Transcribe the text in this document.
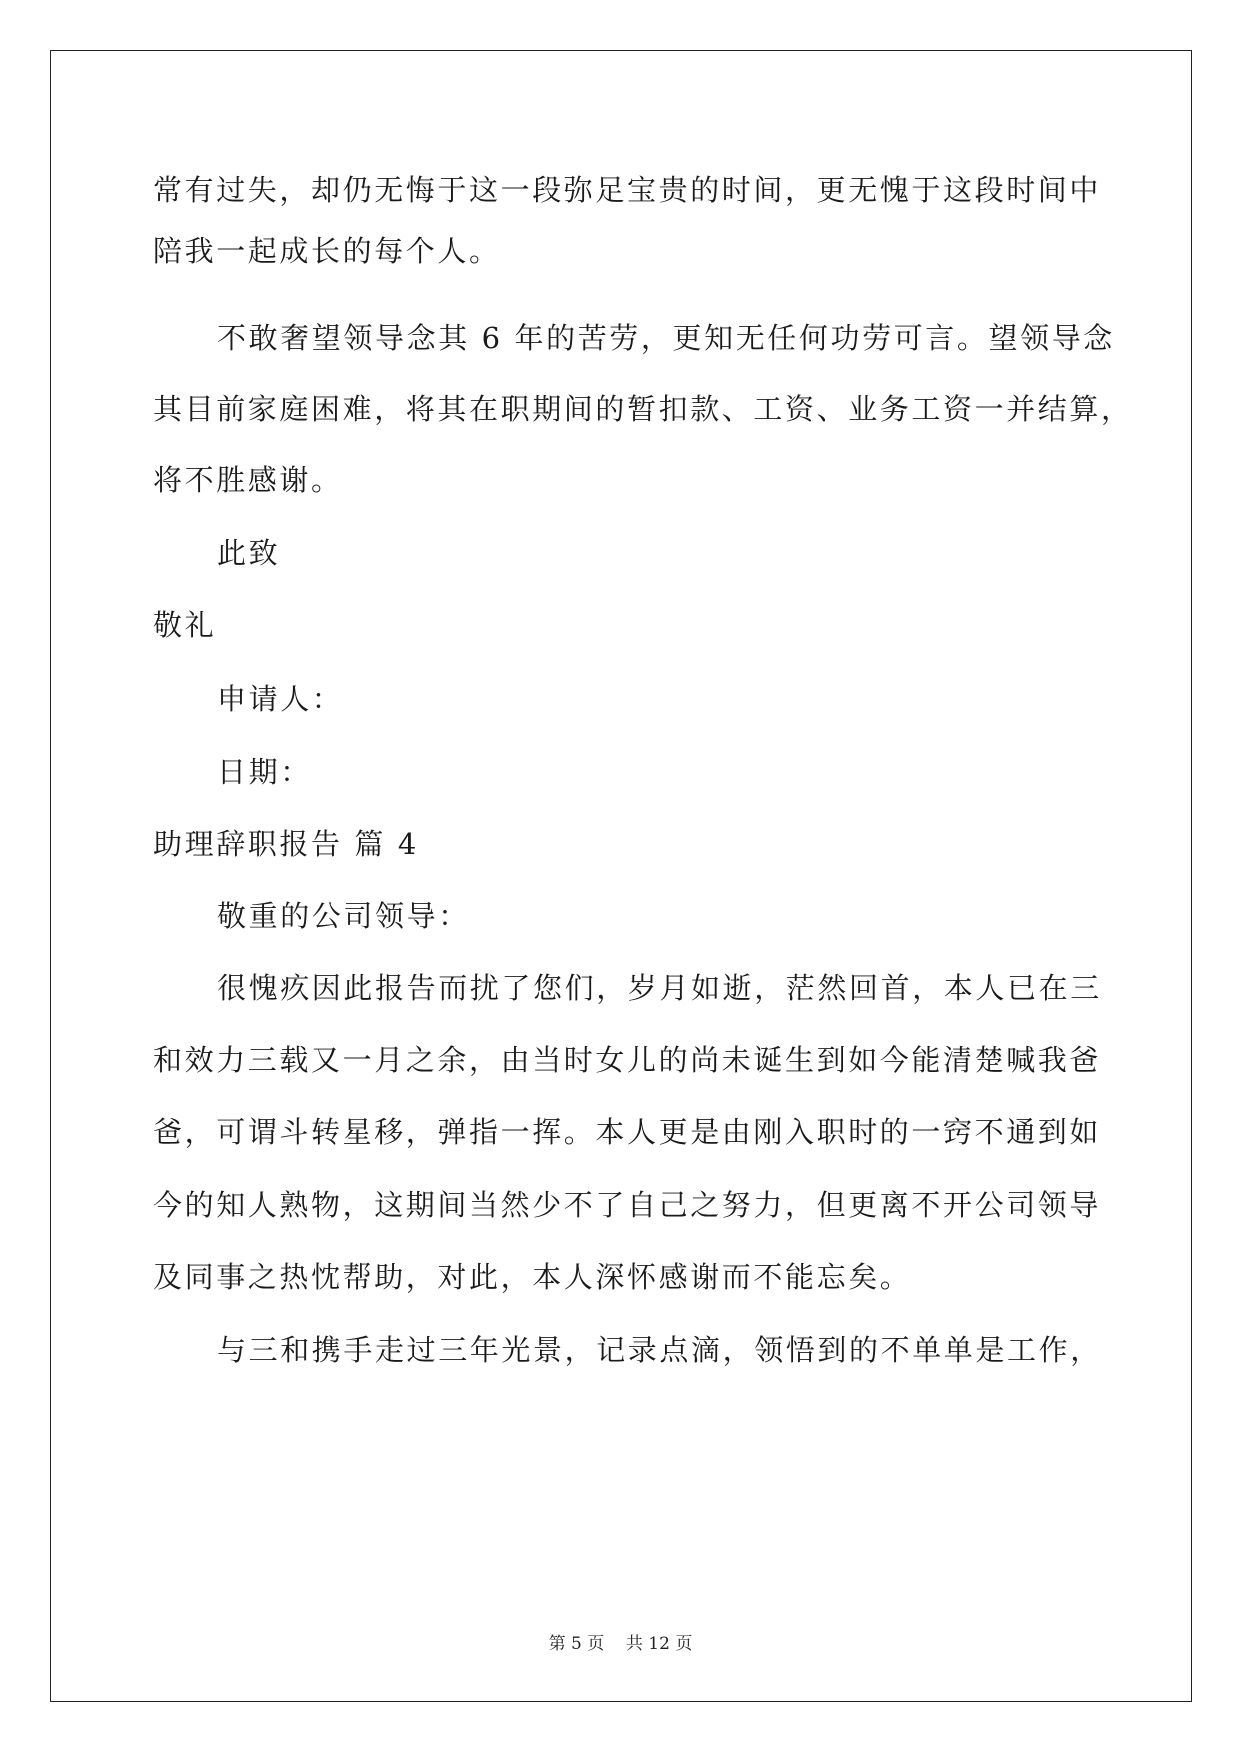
常有过失，却仍无悔于这一段弥足宝贵的时间，更无愧于这段时间中
陪我一起成长的每个人。
不敢奢望领导念其 6 年的苦劳，更知无任何功劳可言。望领导念
其目前家庭困难，将其在职期间的暂扣款、工资、业务工资一并结算，
将不胜感谢。
此致
敬礼
申请人：
日期：
助理辞职报告 篇 4
敬重的公司领导：
很愧疚因此报告而扰了您们，岁月如逝，茫然回首，本人已在三
和效力三载又一月之余，由当时女儿的尚未诞生到如今能清楚喊我爸
爸，可谓斗转星移，弹指一挥。本人更是由刚入职时的一窍不通到如
今的知人熟物，这期间当然少不了自己之努力，但更离不开公司领导
及同事之热忱帮助，对此，本人深怀感谢而不能忘矣。
与三和携手走过三年光景，记录点滴，领悟到的不单单是工作，
第 5 页    共 12 页
